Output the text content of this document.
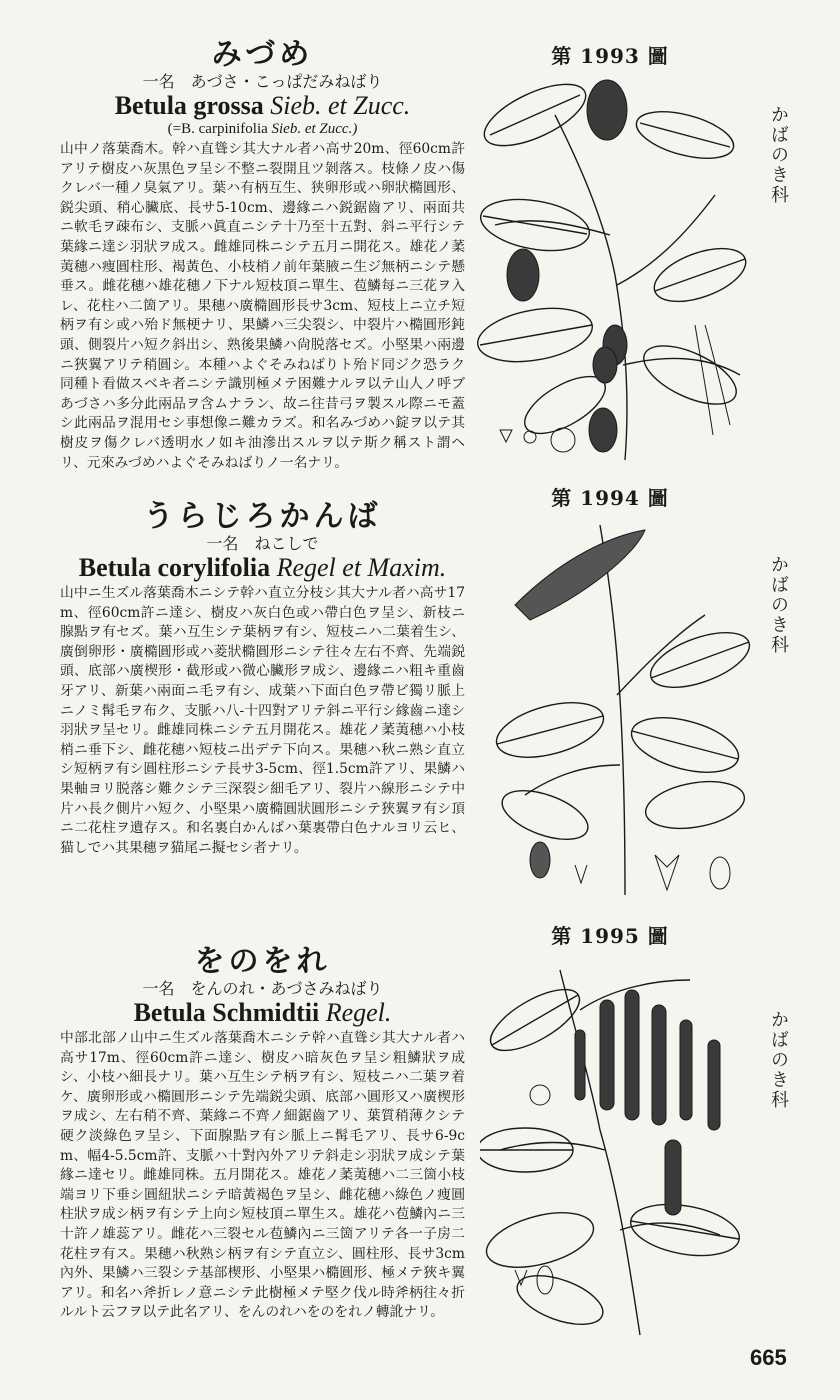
みづめ

一名　あづさ・こっぱだみねばり

Betula grossa Sieb. et Zucc.

(=B. carpinifolia Sieb. et Zucc.)

山中ノ落葉喬木。幹ハ直聳シ其大ナル者ハ高サ20m、徑60cm許アリテ樹皮ハ灰黒色ヲ呈シ不整ニ裂開且ツ剝落ス。枝條ノ皮ハ傷クレバ一種ノ臭氣アリ。葉ハ有柄互生、狭卵形或ハ卵狀橢圓形、鋭尖頭、稍心臟底、長サ5-10cm、邊緣ニハ鋭鋸齒アリ、兩面共ニ軟毛ヲ疎布シ、支脈ハ眞直ニシテ十乃至十五對、斜ニ平行シテ葉緣ニ達シ羽狀ヲ成ス。雌雄同株ニシテ五月ニ開花ス。雄花ノ葇荑穗ハ痩圓柱形、褐黃色、小枝梢ノ前年葉腋ニ生ジ無柄ニシテ懸垂ス。雌花穗ハ雄花穗ノ下ナル短枝頂ニ單生、苞鱗每ニ三花ヲ入レ、花柱ハ二箇アリ。果穗ハ廣橢圓形長サ3cm、短枝上ニ立チ短柄ヲ有シ或ハ殆ド無梗ナリ、果鱗ハ三尖裂シ、中裂片ハ橢圓形鈍頭、側裂片ハ短ク斜出シ、熟後果鱗ハ尙脱落セズ。小堅果ハ兩邊ニ狹翼アリテ稍圓シ。本種ハよぐそみねばりト殆ド同ジク恐ラク同種ト看做スベキ者ニシテ識別極メテ困難ナルヲ以テ山人ノ呼ブあづさハ多分此兩品ヲ含ムナラン、故ニ往昔弓ヲ製スル際ニモ蓋シ此兩品ヲ混用セシ事想像ニ難カラズ。和名みづめハ錠ヲ以テ其樹皮ヲ傷クレバ透明水ノ如キ油滲出スルヲ以テ斯ク稱スト謂ヘリ、元來みづめハよぐそみねばりノ一名ナリ。

うらじろかんば

一名　ねこしで

Betula corylifolia Regel et Maxim.

山中ニ生ズル落葉喬木ニシテ幹ハ直立分枝シ其大ナル者ハ高サ17m、徑60cm許ニ達シ、樹皮ハ灰白色或ハ帶白色ヲ呈シ、新枝ニ腺點ヲ有セズ。葉ハ互生シテ葉柄ヲ有シ、短枝ニハ二葉着生シ、廣倒卵形・廣橢圓形或ハ菱狀橢圓形ニシテ往々左右不齊、先端鋭頭、底部ハ廣楔形・截形或ハ微心臟形ヲ成シ、邊緣ニハ粗キ重齒牙アリ、新葉ハ兩面ニ毛ヲ有シ、成葉ハ下面白色ヲ帶ビ獨リ脈上ニノミ髯毛ヲ布ク、支脈ハ八-十四對アリテ斜ニ平行シ緣齒ニ達シ羽狀ヲ呈セリ。雌雄同株ニシテ五月開花ス。雄花ノ葇荑穗ハ小枝梢ニ垂下シ、雌花穗ハ短枝ニ出デテ下向ス。果穗ハ秋ニ熟シ直立シ短柄ヲ有シ圓柱形ニシテ長サ3-5cm、徑1.5cm許アリ、果鱗ハ果軸ヨリ脱落シ難クシテ三深裂シ細毛アリ、裂片ハ線形ニシテ中片ハ長ク側片ハ短ク、小堅果ハ廣橢圓狀圓形ニシテ狹翼ヲ有シ頂ニ二花柱ヲ遺存ス。和名裏白かんばハ葉裏帶白色ナルヨリ云ヒ、猫しでハ其果穗ヲ猫尾ニ擬セシ者ナリ。

をのをれ

一名　をんのれ・あづさみねばり

Betula Schmidtii Regel.

中部北部ノ山中ニ生ズル落葉喬木ニシテ幹ハ直聳シ其大ナル者ハ高サ17m、徑60cm許ニ達シ、樹皮ハ暗灰色ヲ呈シ粗鱗狀ヲ成シ、小枝ハ細長ナリ。葉ハ互生シテ柄ヲ有シ、短枝ニハ二葉ヲ着ケ、廣卵形或ハ橢圓形ニシテ先端鋭尖頭、底部ハ圓形又ハ廣楔形ヲ成シ、左右稍不齊、葉緣ニ不齊ノ細鋸齒アリ、葉質稍薄クシテ硬ク淡綠色ヲ呈シ、下面腺點ヲ有シ脈上ニ髯毛アリ、長サ6-9cm、幅4-5.5cm許、支脈ハ十對內外アリテ斜走シ羽狀ヲ成シテ葉緣ニ達セリ。雌雄同株。五月開花ス。雄花ノ葇荑穗ハ二三箇小枝端ヨリ下垂シ圓紐狀ニシテ暗黃褐色ヲ呈シ、雌花穗ハ綠色ノ痩圓柱狀ヲ成シ柄ヲ有シテ上向シ短枝頂ニ單生ス。雄花ハ苞鱗內ニ三十許ノ雄蕊アリ。雌花ハ三裂セル苞鱗內ニ三箇アリテ各一子房二花柱ヲ有ス。果穗ハ秋熟シ柄ヲ有シテ直立シ、圓柱形、長サ3cm內外、果鱗ハ三裂シテ基部楔形、小堅果ハ橢圓形、極メテ狹キ翼アリ。和名ハ斧折レノ意ニシテ此樹極メテ堅ク伐ル時斧柄往々折ルルト云フヲ以テ此名アリ、をんのれハをのをれノ轉訛ナリ。

第 1993 圖
第 1994 圖
第 1995 圖
かばのき科
かばのき科
かばのき科
665
